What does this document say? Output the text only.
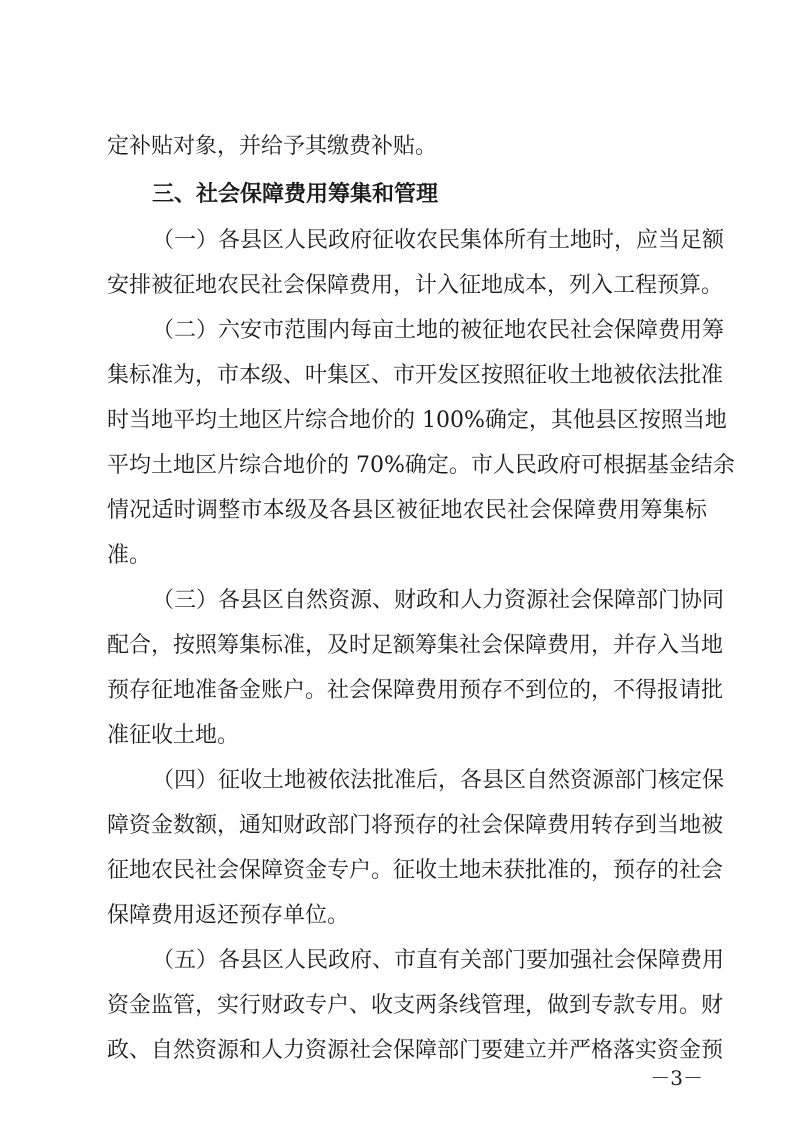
定补贴对象，并给予其缴费补贴。
三、社会保障费用筹集和管理
（一）各县区人民政府征收农民集体所有土地时，应当足额
安排被征地农民社会保障费用，计入征地成本，列入工程预算。
（二）六安市范围内每亩土地的被征地农民社会保障费用筹
集标准为，市本级、叶集区、市开发区按照征收土地被依法批准
时当地平均土地区片综合地价的 100%确定，其他县区按照当地
平均土地区片综合地价的 70%确定。市人民政府可根据基金结余
情况适时调整市本级及各县区被征地农民社会保障费用筹集标
准。
（三）各县区自然资源、财政和人力资源社会保障部门协同
配合，按照筹集标准，及时足额筹集社会保障费用，并存入当地
预存征地准备金账户。社会保障费用预存不到位的，不得报请批
准征收土地。
（四）征收土地被依法批准后，各县区自然资源部门核定保
障资金数额，通知财政部门将预存的社会保障费用转存到当地被
征地农民社会保障资金专户。征收土地未获批准的，预存的社会
保障费用返还预存单位。
（五）各县区人民政府、市直有关部门要加强社会保障费用
资金监管，实行财政专户、收支两条线管理，做到专款专用。财
政、自然资源和人力资源社会保障部门要建立并严格落实资金预
－3－
